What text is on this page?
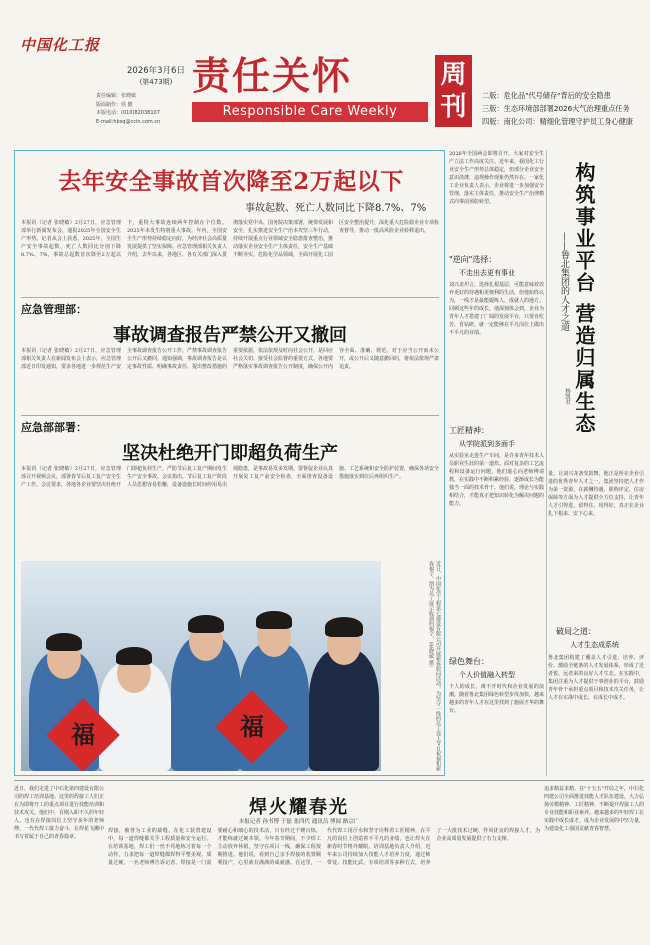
中国化工报
2026年3月6日
(第473期)
责任编辑：张晓敏
版面制作：侯 健
本版电话：(010)82038107
E-mail:hbsq@ccin.com.cn
责任关怀
Responsible Care Weekly
周刊	二版：危化品"代号储存"背后的安全隐患
三版：生态环境部部署2026大气治理重点任务
四版：南化公司：精细化管理守护员工身心健康
去年安全事故首次降至2万起以下
事故起数、死亡人数同比下降8.7%、7%
本报讯（记者 张晓敏）2月27日，应急管理部举行新闻发布会，通报2025年全国安全生产形势。记者从会上获悉，2025年，全国生产安全事故起数、死亡人数同比分别下降8.7%、7%，事故总起数首次降至2万起以下，重特大事故连续两年控制在个位数。2025年未发生特别重大事故。年内，全国安全生产形势持续稳定向好，为经济社会高质量发展提供了坚实保障。应急管理部相关负责人介绍，去年以来，各地区、各有关部门深入贯彻落实党中央、国务院决策部署，统筹发展和安全，扎实推进安全生产治本攻坚三年行动，持续开展重点行业领域安全隐患排查整治，推动落实企业安全生产主体责任，安全生产基础不断夯实。危险化学品领域，全面开展化工园区安全整治提升，深化重大危险源企业专项检查督导，推动一批高风险企业转移退出。
应急管理部：
事故调查报告严禁公开又撤回
本报讯（记者 张晓敏）2月27日，应急管理部相关负责人在新闻发布会上表示，应急管理部近日印发通知，要求各地进一步规范生产安全事故调查报告公开工作，严禁事故调查报告公开后又撤回。通知强调，事故调查报告是认定事故性质、明确事故责任、提出整改措施的重要依据，依法依规及时向社会公开，是回应社会关切、接受社会监督的重要方式。各地要严格落实事故调查报告公开制度，确保公开内容全面、准确、规范。对于应当公开而未公开，或公开后又随意撤回的，将依法依规严肃追责。
应急部部署：
坚决杜绝开门即超负荷生产
本报讯（记者 张晓敏）2月27日，应急管理部召开视频会议，部署春节后复工复产安全生产工作。会议要求，各地各企业要坚决杜绝开门即超负荷生产，严防节后复工复产期间发生生产安全事故。会议指出，节后复工复产阶段人员思想容易松懈，设备设施长时间停用易出现隐患，是事故易发多发期。要督促企业认真开展复工复产前安全检查，全面排查设备设施、工艺系统和安全防护装置，确保各项安全措施落实到位后再组织生产。
福	福	近日，中国化学工程第七建设有限公司开展新春慰问活动，为坚守一线的员工送上节日祝福和新春福字。图为员工展示收到的福字。（张晓敏 摄）
2026年全国两会即将召开，大家对安全生产立法工作高度关注。近年来，我国化工行业安全生产形势总体稳定，但部分企业安全意识淡薄，违规操作现象仍然存在。一家化工企业负责人表示，企业将进一步加强安全管理，落实主体责任，推动安全生产治理模式向事前预防转型。
"逆向"选择：
不走出去更有事业
刘兴龙坦言，选择扎根基层，可能意味着放弃更好的待遇和更便利的生活，但他始终认为，一线才是最能锻炼人、成就人的地方。回顾这些年的成长，他深刻体会到，企业为青年人才搭建了广阔的发展平台，只要肯吃苦、肯钻研，就一定能够在平凡岗位上做出不平凡的业绩。
工匠精神：
从学院派到多面手
从实验室走进生产车间，是许多青年技术人员职业生涯的第一道坎。面对复杂的工艺流程和设备运行问题，他们虚心向老师傅请教，在实践中不断积累经验，逐渐成长为能独当一面的技术骨干。他们说，理论与实践相结合，才能真正把知识转化为解决问题的能力。
绿色舞台：
个人价值融入转型
个人的成长，离不开时代和企业发展的浪潮。随着鲁北集团绿色转型步伐加快，越来越多的青年人才在这里找到了施展才华的舞台。
构筑事业平台 营造归属生态
——鲁北集团的人才之道
杨凯君
量。让刘兴龙备受鼓舞，他正是所在企业引进的优秀青年人才之一。集团坚持把人才作为第一资源，在薪酬待遇、职称评定、住房保障等方面为人才提供全方位支持，让青年人才引得进、留得住、用得好，真正在企业扎下根来、安下心来。
破局之道：
人才生态成系统
鲁北集团构建了覆盖人才引进、培养、评价、激励全链条的人才发展体系，形成了近者悦、远者来的良好人才生态。在实践中，集团注重为人才提供干事创业的平台，鼓励青年骨干承担重点项目和技术攻关任务，让人才在实战中成长，在成长中成才。
近日，我们走进了中石化第四建设有限公司的焊工培训基地。这里的焊接工人们正在为即将开工的重点项目进行技能培训和技术攻关。他们中，有刚入职不久的年轻人，也有在焊接岗位上坚守多年的老师傅。一代代焊工接力奋斗，在焊花飞溅中书写着属于自己的青春篇章。
焊火耀春光
本报记者 孙书博 于磊 张四代 通讯员 博闻 路宗广
焊接，被誉为工业的裁缝。在化工装置建设中，每一道焊缝都关乎工程质量和安全运行。在培训基地，焊工们一丝不苟地练习着每一个动作，力求把每一道焊缝都焊得平整美观、质量过硬。一名老师傅告诉记者，焊接是一门需要耐心和细心的技术活，只有经过千锤百炼，才能练就过硬本领。今年春节期间，不少焊工主动放弃休假，坚守在项目一线，确保工程按期推进。他们说，看到自己亲手焊接的装置顺利投产，心里就有满满的成就感。在这里，一代代焊工用汗水和坚守诠释着工匠精神，在平凡的岗位上创造着不平凡的业绩，也让焊火在新春时节格外耀眼。培训基地负责人介绍，近年来公司持续加大技能人才培养力度，通过师带徒、技能比武、专项培训等多种方式，培养了一大批技术过硬、作风优良的焊接人才，为企业高质量发展提供了有力支撑。
追求精益求精。在"十五五"开局之年，中石化四建公司全面推进技能人才队伍建设，大力弘扬劳模精神、工匠精神，不断提升焊接工人的专业技能和职业素养。越来越多的年轻焊工在实践中成长成才，成为企业发展的中坚力量，为建设化工强国贡献青春智慧。
